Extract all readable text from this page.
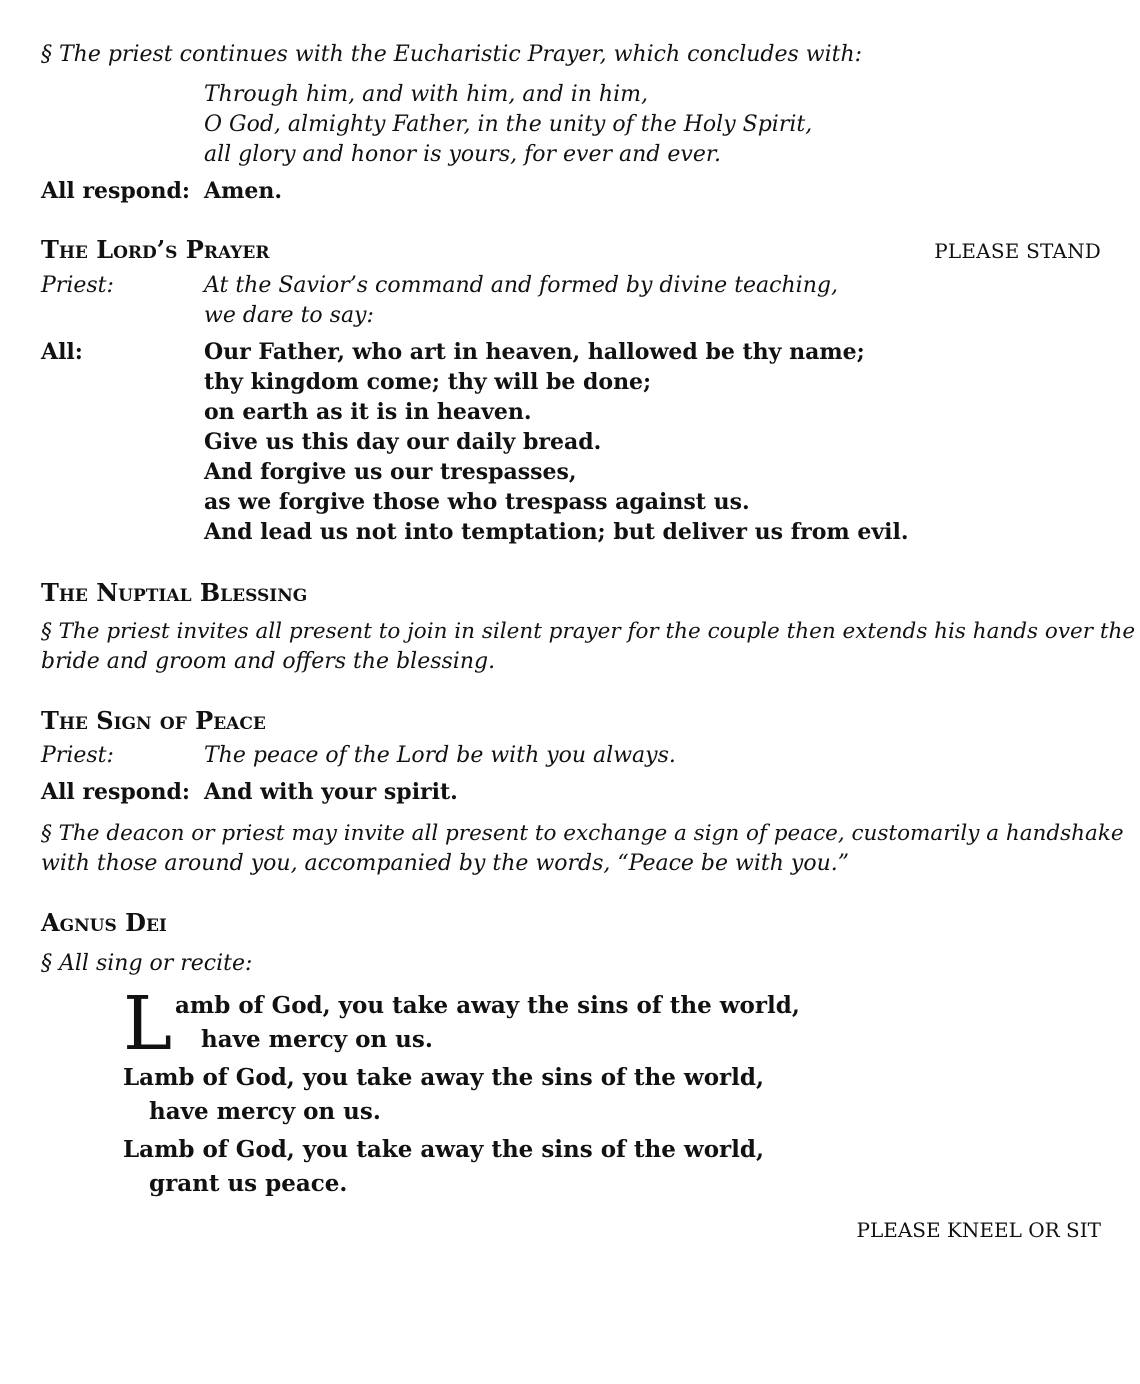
§ The priest continues with the Eucharistic Prayer, which concludes with:

Through him, and with him, and in him,
O God, almighty Father, in the unity of the Holy Spirit,
all glory and honor is yours, for ever and ever.
All respond: Amen.
The Lord’s Prayer	PLEASE STAND
Priest:	At the Savior’s command and formed by divine teaching,
we dare to say:
All:	Our Father, who art in heaven, hallowed be thy name;
thy kingdom come; thy will be done;
on earth as it is in heaven.
Give us this day our daily bread.
And forgive us our trespasses,
as we forgive those who trespass against us.
And lead us not into temptation; but deliver us from evil.
The Nuptial Blessing
§ The priest invites all present to join in silent prayer for the couple then extends his hands over the
bride and groom and offers the blessing.
The Sign of Peace
Priest:	The peace of the Lord be with you always.
All respond: And with your spirit.
§ The deacon or priest may invite all present to exchange a sign of peace, customarily a handshake
with those around you, accompanied by the words, “Peace be with you.”
Agnus Dei

§ All sing or recite:

L amb of God, you take away the sins of the world,
have mercy on us.
Lamb of God, you take away the sins of the world,
have mercy on us.
Lamb of God, you take away the sins of the world,
grant us peace.
PLEASE KNEEL OR SIT
